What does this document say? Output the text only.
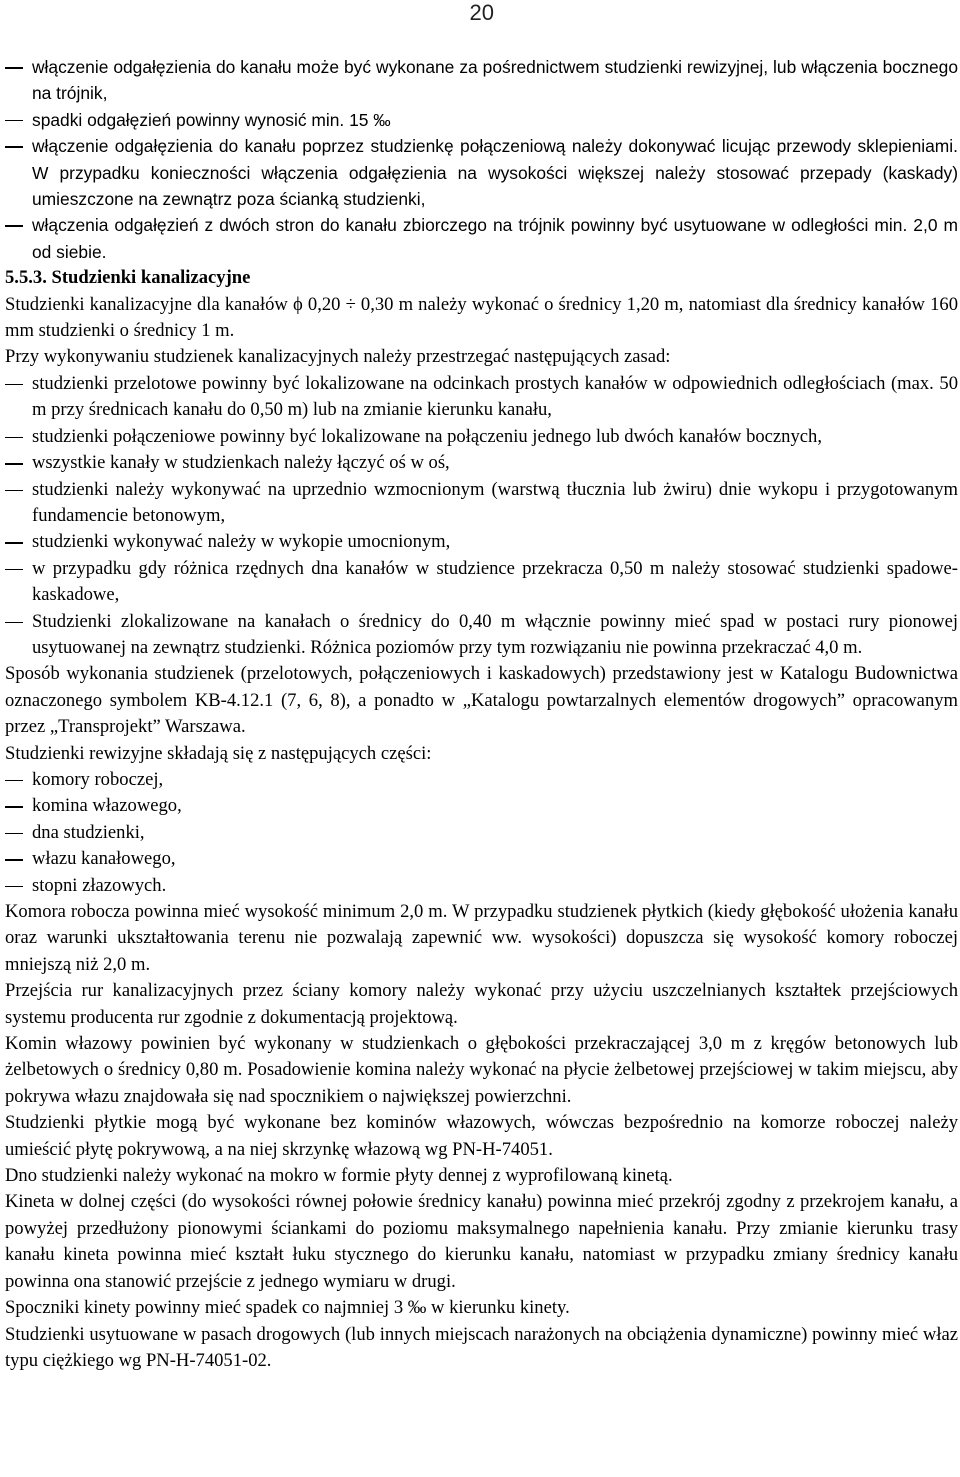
20

włączenie odgałęzienia do kanału może być wykonane za pośrednictwem studzienki rewizyjnej, lub włączenia bocznego na trójnik,

spadki odgałęzień powinny wynosić min. 15 ‰

włączenie odgałęzienia do kanału poprzez studzienkę połączeniową należy dokonywać licując przewody sklepieniami. W przypadku konieczności włączenia odgałęzienia na wysokości większej należy stosować przepady (kaskady) umieszczone na zewnątrz poza ścianką studzienki,

włączenia odgałęzień z dwóch stron do kanału zbiorczego na trójnik powinny być usytuowane w odległości min. 2,0 m od siebie.

5.5.3. Studzienki kanalizacyjne

Studzienki kanalizacyjne dla kanałów ϕ 0,20 ÷ 0,30 m należy wykonać o średnicy 1,20 m, natomiast dla średnicy kanałów 160 mm studzienki o średnicy 1 m.

Przy wykonywaniu studzienek kanalizacyjnych należy przestrzegać następujących zasad:

studzienki przelotowe powinny być lokalizowane na odcinkach prostych kanałów w odpowiednich odległościach (max. 50 m przy średnicach kanału do 0,50 m) lub na zmianie kierunku kanału,

studzienki połączeniowe powinny być lokalizowane na połączeniu jednego lub dwóch kanałów bocznych,

wszystkie kanały w studzienkach należy łączyć oś w oś,

studzienki należy wykonywać na uprzednio wzmocnionym (warstwą tłucznia lub żwiru) dnie wykopu i przygotowanym fundamencie betonowym,

studzienki wykonywać należy w wykopie umocnionym,

w przypadku gdy różnica rzędnych dna kanałów w studzience przekracza 0,50 m należy stosować studzienki spadowe-kaskadowe,

Studzienki zlokalizowane na kanałach o średnicy do 0,40 m włącznie powinny mieć spad w postaci rury pionowej usytuowanej na zewnątrz studzienki. Różnica poziomów przy tym rozwiązaniu nie powinna przekraczać 4,0 m.

Sposób wykonania studzienek (przelotowych, połączeniowych i kaskadowych) przedstawiony jest w Katalogu Budownictwa oznaczonego symbolem KB-4.12.1 (7, 6, 8), a ponadto w „Katalogu powtarzalnych elementów drogowych” opracowanym przez „Transprojekt” Warszawa.

Studzienki rewizyjne składają się z następujących części:

komory roboczej,

komina włazowego,

dna studzienki,

włazu kanałowego,

stopni złazowych.

Komora robocza powinna mieć wysokość minimum 2,0 m. W przypadku studzienek płytkich (kiedy głębokość ułożenia kanału oraz warunki ukształtowania terenu nie pozwalają zapewnić ww. wysokości) dopuszcza się wysokość komory roboczej mniejszą niż 2,0 m.

Przejścia rur kanalizacyjnych przez ściany komory należy wykonać przy użyciu uszczelnianych kształtek przejściowych systemu producenta rur zgodnie z dokumentacją projektową.

Komin włazowy powinien być wykonany w studzienkach o głębokości przekraczającej 3,0 m z kręgów betonowych lub żelbetowych o średnicy 0,80 m. Posadowienie komina należy wykonać na płycie żelbetowej przejściowej w takim miejscu, aby pokrywa włazu znajdowała się nad spocznikiem o największej powierzchni.

Studzienki płytkie mogą być wykonane bez kominów włazowych, wówczas bezpośrednio na komorze roboczej należy umieścić płytę pokrywową, a na niej skrzynkę włazową wg PN-H-74051.

Dno studzienki należy wykonać na mokro w formie płyty dennej z wyprofilowaną kinetą.

Kineta w dolnej części (do wysokości równej połowie średnicy kanału) powinna mieć przekrój zgodny z przekrojem kanału, a powyżej przedłużony pionowymi ściankami do poziomu maksymalnego napełnienia kanału. Przy zmianie kierunku trasy kanału kineta powinna mieć kształt łuku stycznego do kierunku kanału, natomiast w przypadku zmiany średnicy kanału powinna ona stanowić przejście z jednego wymiaru w drugi.

Spoczniki kinety powinny mieć spadek co najmniej 3 ‰ w kierunku kinety.

Studzienki usytuowane w pasach drogowych (lub innych miejscach narażonych na obciążenia dynamiczne) powinny mieć właz typu ciężkiego wg PN-H-74051-02.
